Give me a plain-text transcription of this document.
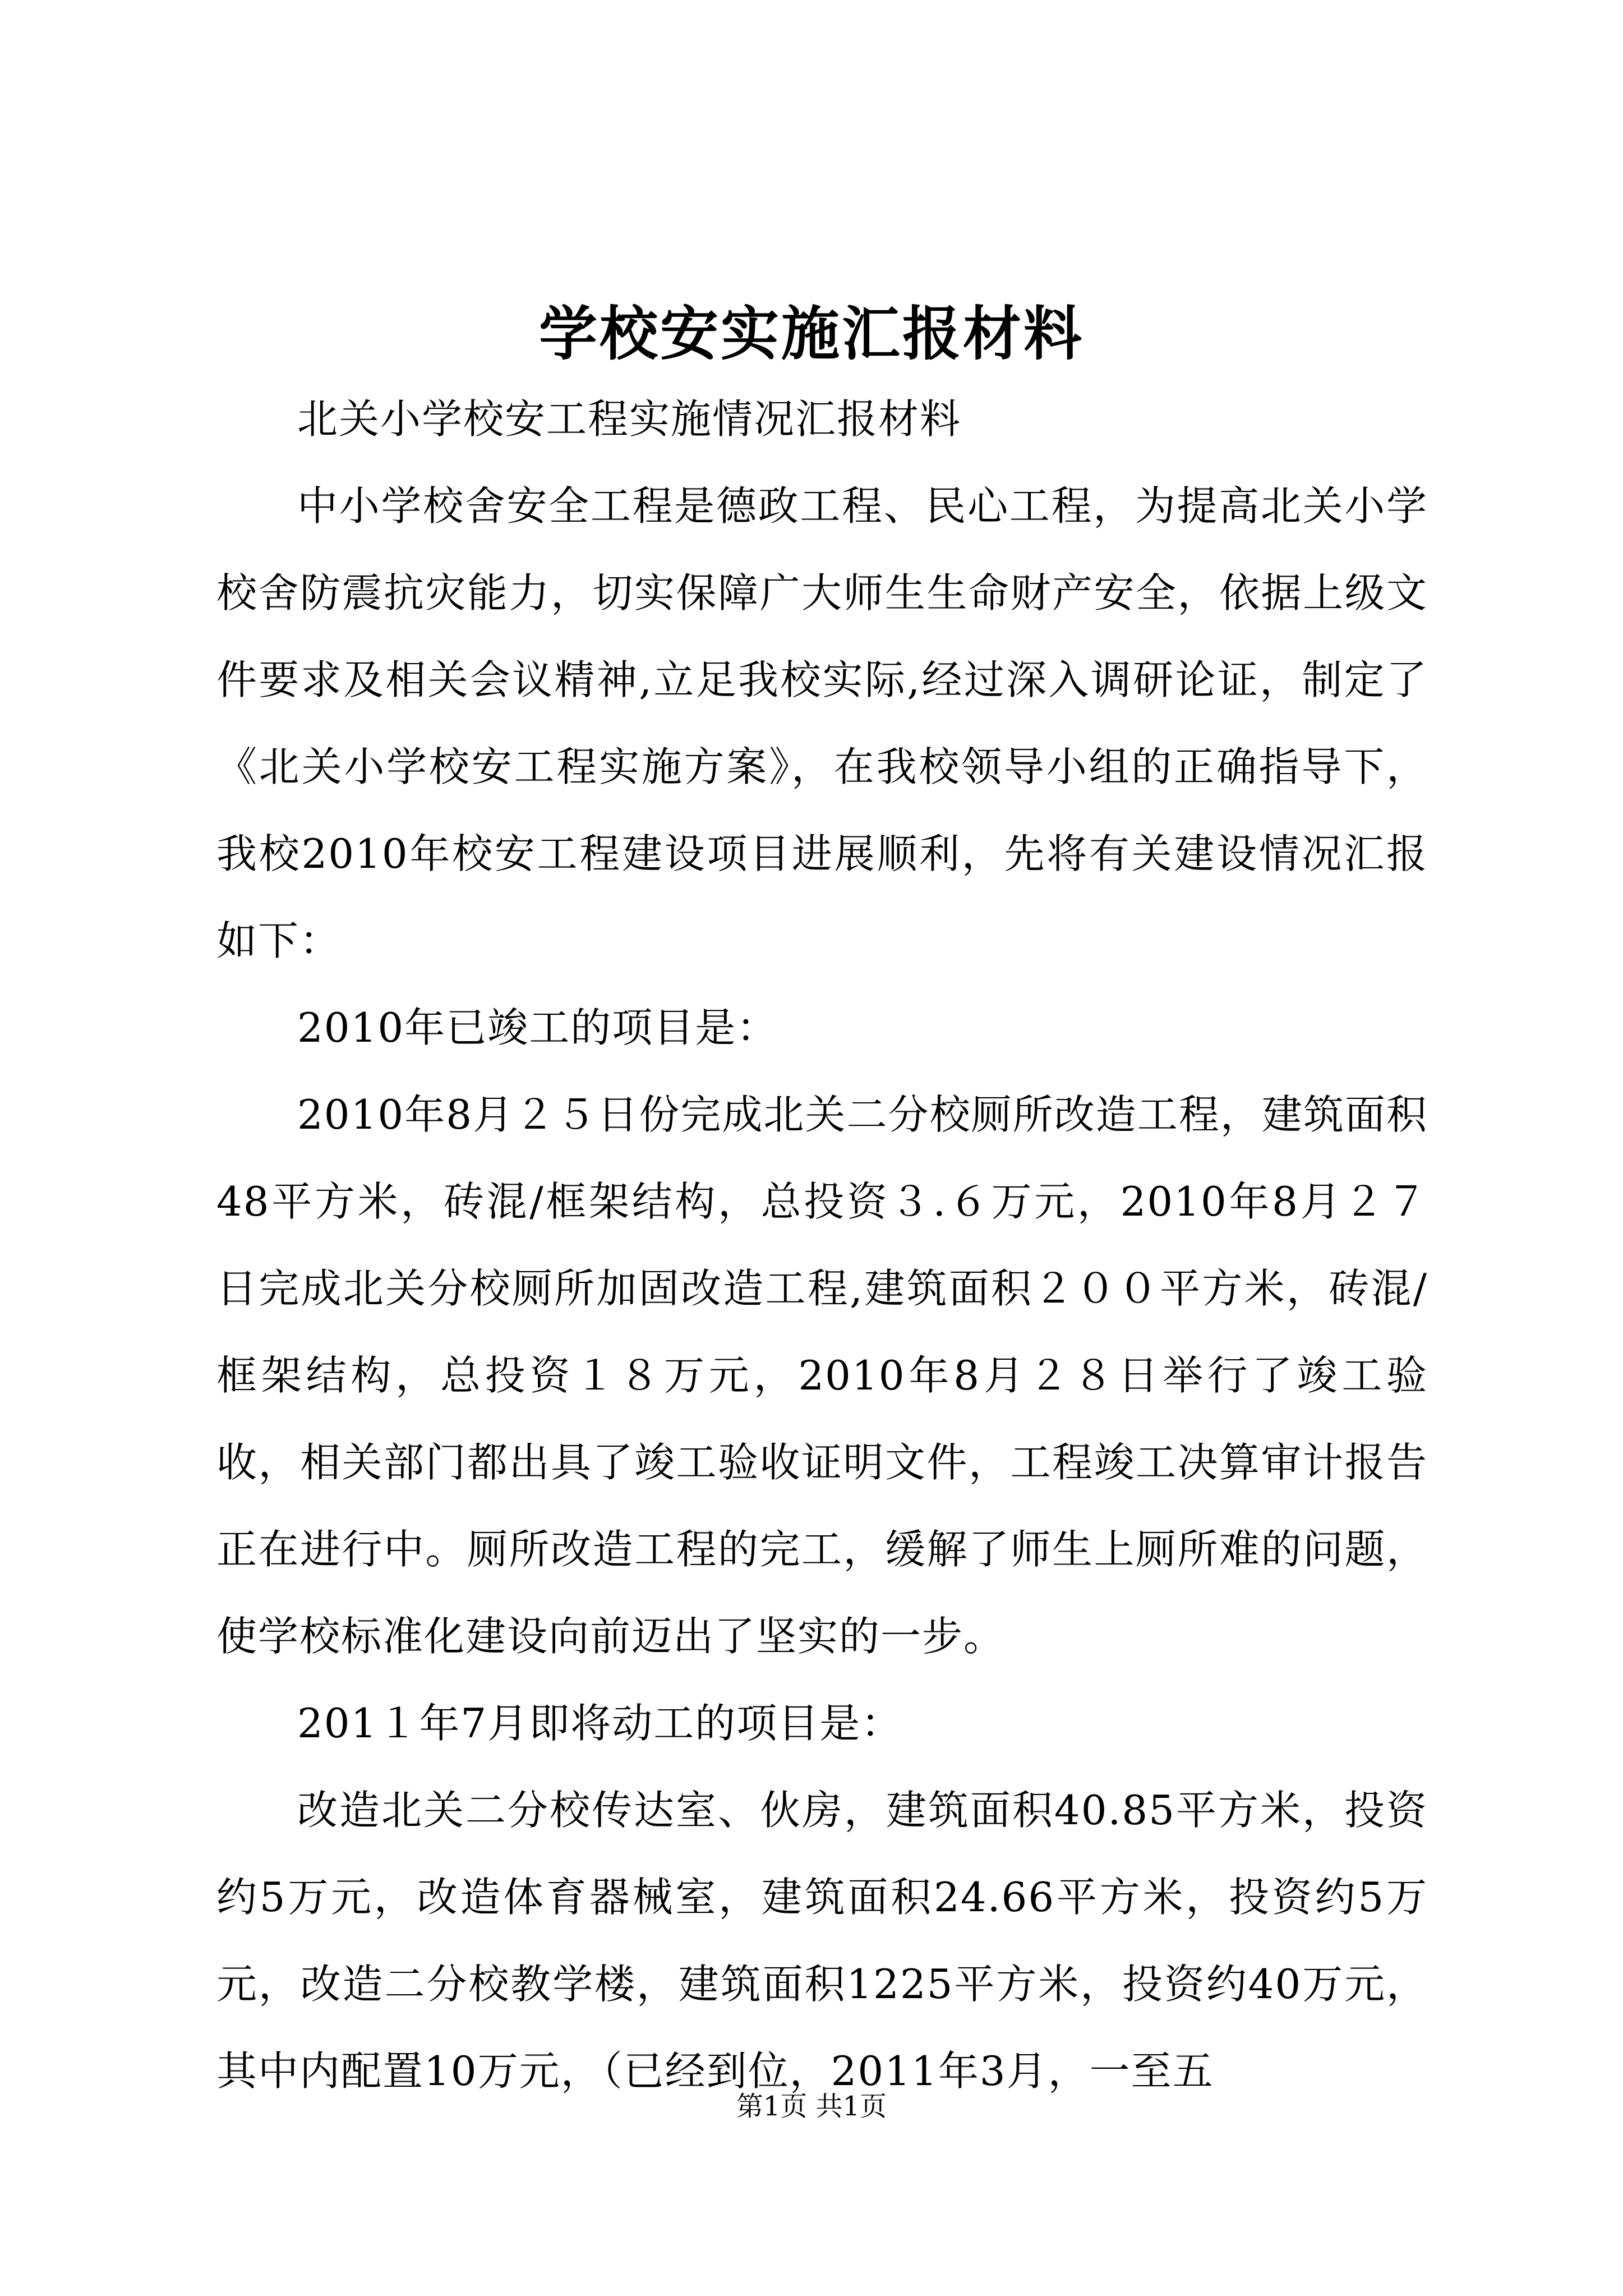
学校安实施汇报材料

北关小学校安工程实施情况汇报材料

中小学校舍安全工程是德政工程、民心工程，为提高北关小学校舍防震抗灾能力，切实保障广大师生生命财产安全，依据上级文件要求及相关会议精神,立足我校实际,经过深入调研论证，制定了《北关小学校安工程实施方案》，在我校领导小组的正确指导下，我校2010年校安工程建设项目进展顺利，先将有关建设情况汇报如下：

2010年已竣工的项目是：

2010年8月２５日份完成北关二分校厕所改造工程，建筑面积48平方米，砖混/框架结构，总投资３.６万元，2010年8月２７日完成北关分校厕所加固改造工程,建筑面积２００平方米，砖混/框架结构，总投资１８万元，2010年8月２８日举行了竣工验收，相关部门都出具了竣工验收证明文件，工程竣工决算审计报告正在进行中。厕所改造工程的完工，缓解了师生上厕所难的问题，使学校标准化建设向前迈出了坚实的一步。

201１年7月即将动工的项目是：

改造北关二分校传达室、伙房，建筑面积40.85平方米，投资约5万元，改造体育器械室，建筑面积24.66平方米，投资约5万元，改造二分校教学楼，建筑面积1225平方米，投资约40万元，其中内配置10万元，（已经到位，2011年3月，一至五

第1页 共1页
